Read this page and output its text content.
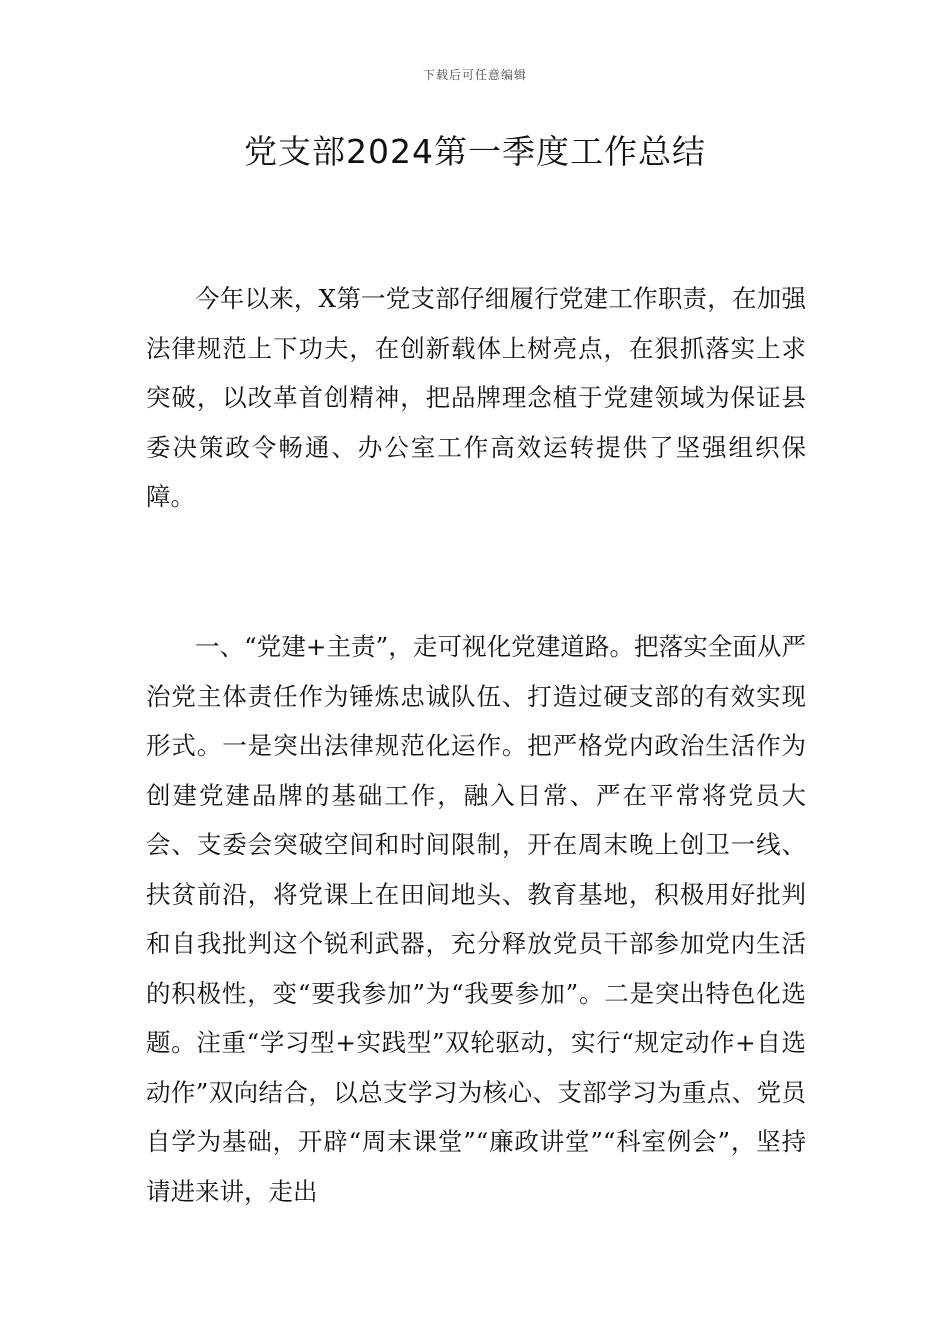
下载后可任意编辑
党支部2024第一季度工作总结

今年以来，X第一党支部仔细履行党建工作职责，在加强法律规范上下功夫，在创新载体上树亮点，在狠抓落实上求突破，以改革首创精神，把品牌理念植于党建领域为保证县委决策政令畅通、办公室工作高效运转提供了坚强组织保障。

一、“党建+主责”，走可视化党建道路。把落实全面从严治党主体责任作为锤炼忠诚队伍、打造过硬支部的有效实现形式。一是突出法律规范化运作。把严格党内政治生活作为创建党建品牌的基础工作，融入日常、严在平常将党员大会、支委会突破空间和时间限制，开在周末晚上创卫一线、扶贫前沿，将党课上在田间地头、教育基地，积极用好批判和自我批判这个锐利武器，充分释放党员干部参加党内生活的积极性，变“要我参加”为“我要参加”。二是突出特色化选题。注重“学习型+实践型”双轮驱动，实行“规定动作+自选动作”双向结合，以总支学习为核心、支部学习为重点、党员自学为基础，开辟“周末课堂”“廉政讲堂”“科室例会”，坚持请进来讲，走出
